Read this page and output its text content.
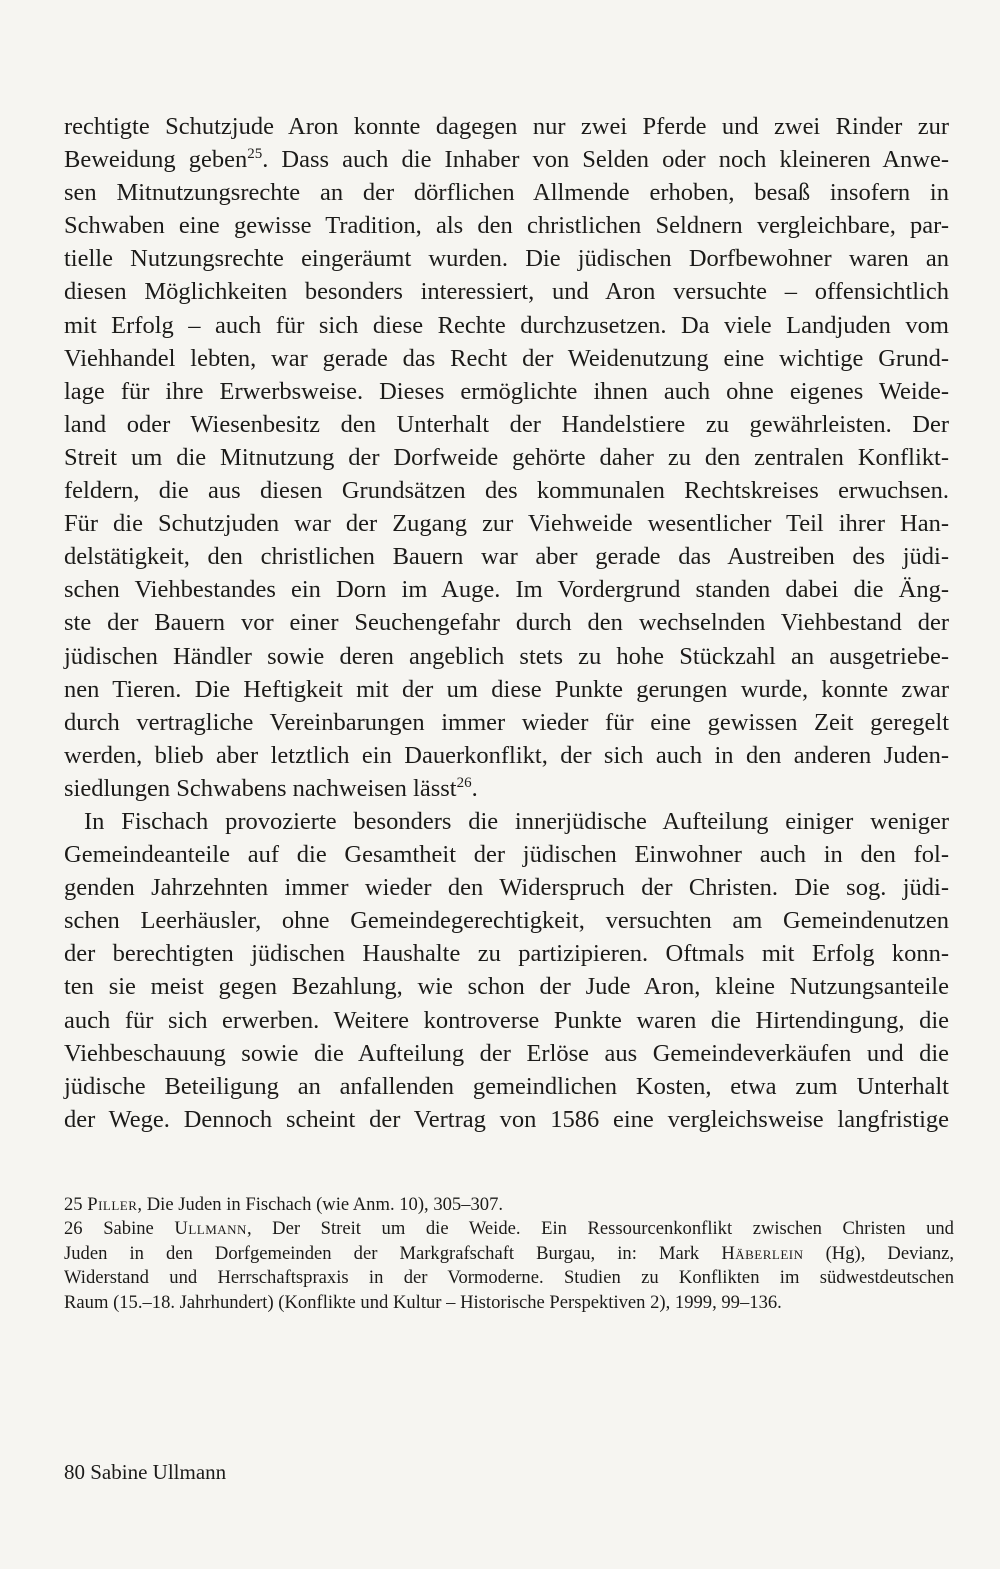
rechtigte Schutzjude Aron konnte dagegen nur zwei Pferde und zwei Rinder zur
Beweidung geben$^{25}$. Dass auch die Inhaber von Selden oder noch kleineren Anwe-
sen Mitnutzungsrechte an der dörflichen Allmende erhoben, besaß insofern in
Schwaben eine gewisse Tradition, als den christlichen Seldnern vergleichbare, par-
tielle Nutzungsrechte eingeräumt wurden. Die jüdischen Dorfbewohner waren an
diesen Möglichkeiten besonders interessiert, und Aron versuchte – offensichtlich
mit Erfolg – auch für sich diese Rechte durchzusetzen. Da viele Landjuden vom
Viehhandel lebten, war gerade das Recht der Weidenutzung eine wichtige Grund-
lage für ihre Erwerbsweise. Dieses ermöglichte ihnen auch ohne eigenes Weide-
land oder Wiesenbesitz den Unterhalt der Handelstiere zu gewährleisten. Der
Streit um die Mitnutzung der Dorfweide gehörte daher zu den zentralen Konflikt-
feldern, die aus diesen Grundsätzen des kommunalen Rechtskreises erwuchsen.
Für die Schutzjuden war der Zugang zur Viehweide wesentlicher Teil ihrer Han-
delstätigkeit, den christlichen Bauern war aber gerade das Austreiben des jüdi-
schen Viehbestandes ein Dorn im Auge. Im Vordergrund standen dabei die Äng-
ste der Bauern vor einer Seuchengefahr durch den wechselnden Viehbestand der
jüdischen Händler sowie deren angeblich stets zu hohe Stückzahl an ausgetriebe-
nen Tieren. Die Heftigkeit mit der um diese Punkte gerungen wurde, konnte zwar
durch vertragliche Vereinbarungen immer wieder für eine gewissen Zeit geregelt
werden, blieb aber letztlich ein Dauerkonflikt, der sich auch in den anderen Juden-
siedlungen Schwabens nachweisen lässt$^{26}$.
In Fischach provozierte besonders die innerjüdische Aufteilung einiger weniger
Gemeindeanteile auf die Gesamtheit der jüdischen Einwohner auch in den fol-
genden Jahrzehnten immer wieder den Widerspruch der Christen. Die sog. jüdi-
schen Leerhäusler, ohne Gemeindegerechtigkeit, versuchten am Gemeindenutzen
der berechtigten jüdischen Haushalte zu partizipieren. Oftmals mit Erfolg konn-
ten sie meist gegen Bezahlung, wie schon der Jude Aron, kleine Nutzungsanteile
auch für sich erwerben. Weitere kontroverse Punkte waren die Hirtendingung, die
Viehbeschauung sowie die Aufteilung der Erlöse aus Gemeindeverkäufen und die
jüdische Beteiligung an anfallenden gemeindlichen Kosten, etwa zum Unterhalt
der Wege. Dennoch scheint der Vertrag von 1586 eine vergleichsweise langfristige
25 Piller, Die Juden in Fischach (wie Anm. 10), 305–307.
26 Sabine Ullmann, Der Streit um die Weide. Ein Ressourcenkonflikt zwischen Christen und
Juden in den Dorfgemeinden der Markgrafschaft Burgau, in: Mark Häberlein (Hg), Devianz,
Widerstand und Herrschaftspraxis in der Vormoderne. Studien zu Konflikten im südwestdeutschen
Raum (15.–18. Jahrhundert) (Konflikte und Kultur – Historische Perspektiven 2), 1999, 99–136.
80 Sabine Ullmann
